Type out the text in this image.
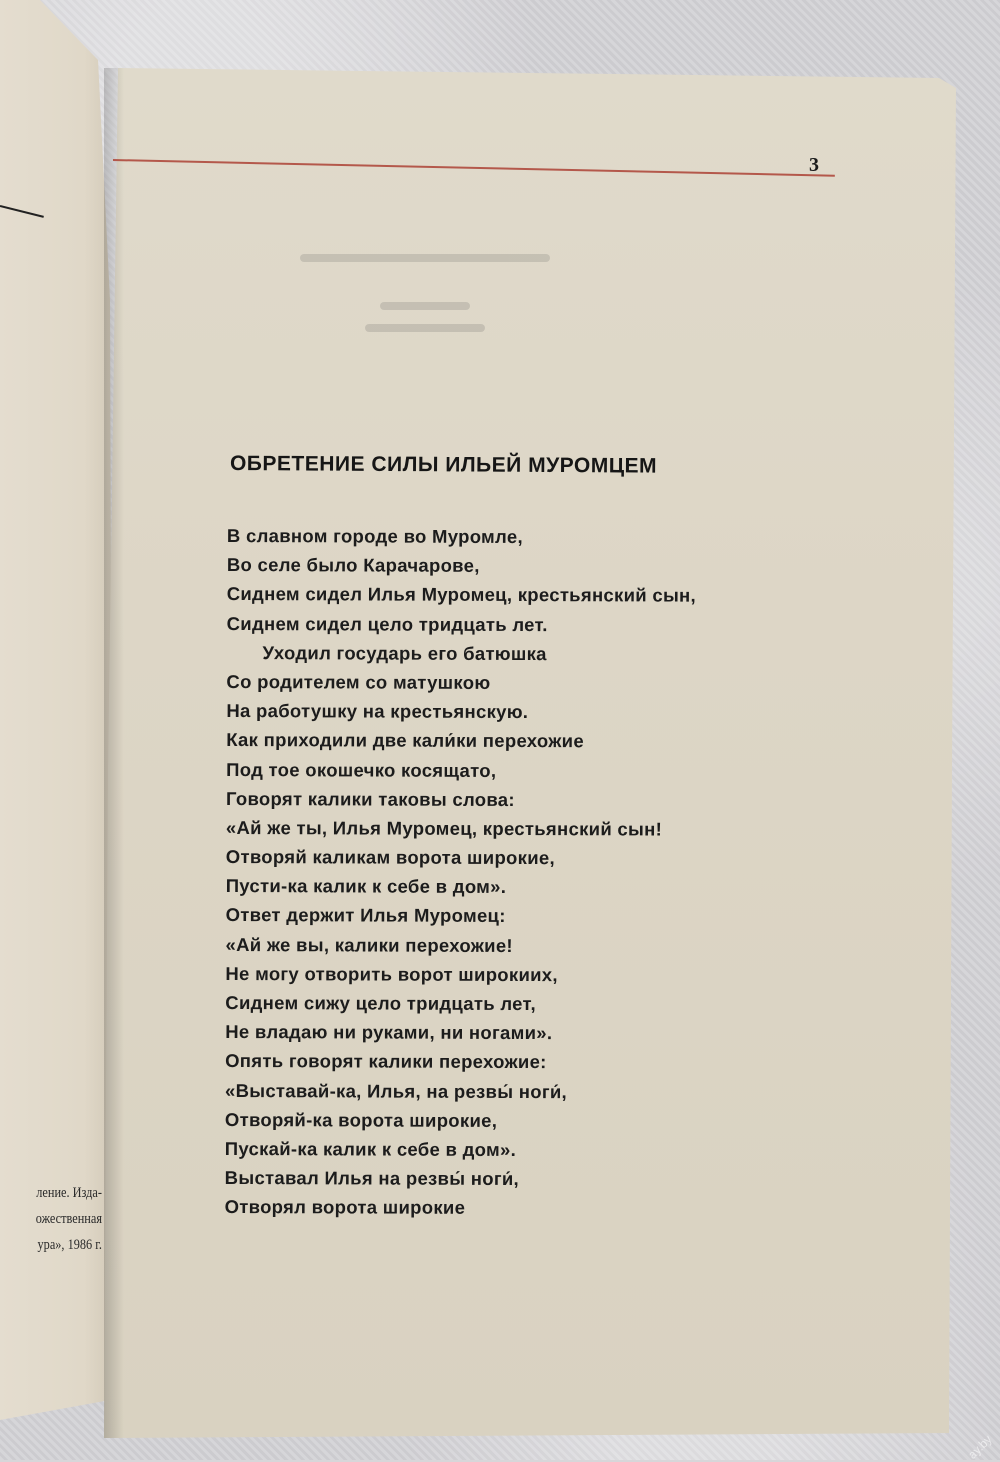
ление. Изда-
ожественная
ура», 1986 г.
3
ОБРЕТЕНИЕ СИЛЫ ИЛЬЕЙ МУРОМЦЕМ
В славном городе во Муромле,
Во селе было Карачарове,
Сиднем сидел Илья Муромец, крестьянский сын,
Сиднем сидел цело тридцать лет.
Уходил государь его батюшка
Со родителем со матушкою
На работушку на крестьянскую.
Как приходили две кали́ки перехожие
Под тое окошечко косящато,
Говорят калики таковы слова:
«Ай же ты, Илья Муромец, крестьянский сын!
Отворяй каликам ворота широкие,
Пусти-ка калик к себе в дом».
Ответ держит Илья Муромец:
«Ай же вы, калики перехожие!
Не могу отворить ворот широкиих,
Сиднем сижу цело тридцать лет,
Не владаю ни руками, ни ногами».
Опять говорят калики перехожие:
«Выставай-ка, Илья, на резвы́ ноги́,
Отворяй-ка ворота широкие,
Пускай-ка калик к себе в дом».
Выставал Илья на резвы́ ноги́,
Отворял ворота широкие
ay.by
